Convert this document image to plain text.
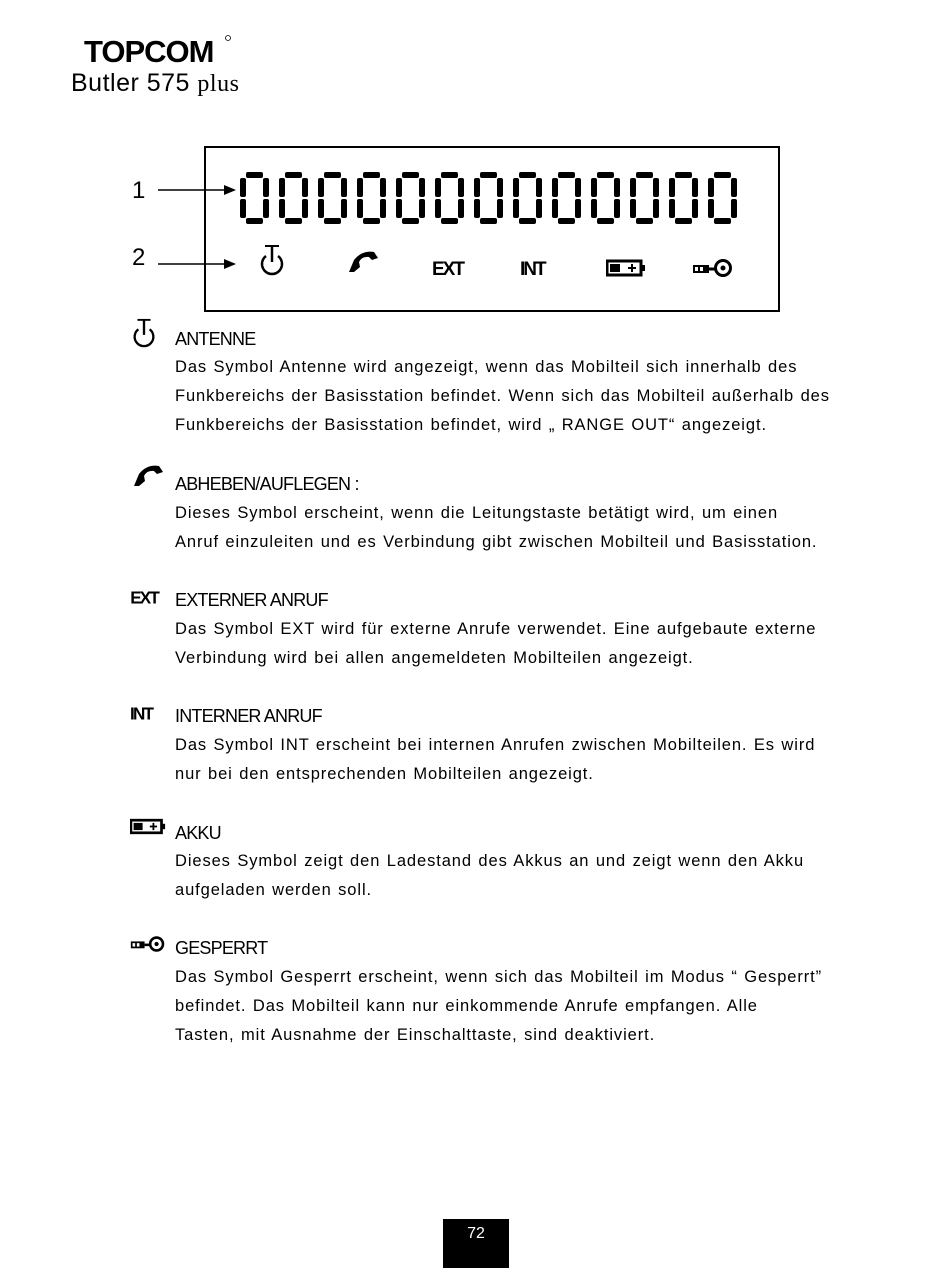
TOPCOM
Butler 575 plus
1
2	EXT	INT
ANTENNE
Das Symbol Antenne wird angezeigt, wenn das Mobilteil sich innerhalb des
Funkbereichs der Basisstation befindet. Wenn sich das Mobilteil außerhalb des
Funkbereichs der Basisstation befindet, wird „ RANGE OUT“ angezeigt.
ABHEBEN/AUFLEGEN :
Dieses Symbol erscheint, wenn die Leitungstaste betätigt wird, um einen
Anruf einzuleiten und es Verbindung gibt zwischen Mobilteil und Basisstation.
EXT EXTERNER ANRUF
Das Symbol EXT wird für externe Anrufe verwendet. Eine aufgebaute externe
Verbindung wird bei allen angemeldeten Mobilteilen angezeigt.
INT INTERNER ANRUF
Das Symbol INT erscheint bei internen Anrufen zwischen Mobilteilen. Es wird
nur bei den entsprechenden Mobilteilen angezeigt.
AKKU
Dieses Symbol zeigt den Ladestand des Akkus an und zeigt wenn den Akku
aufgeladen werden soll.
GESPERRT
Das Symbol Gesperrt erscheint, wenn sich das Mobilteil im Modus “ Gesperrt”
befindet. Das Mobilteil kann nur einkommende Anrufe empfangen. Alle
Tasten, mit Ausnahme der Einschalttaste, sind deaktiviert.
72
